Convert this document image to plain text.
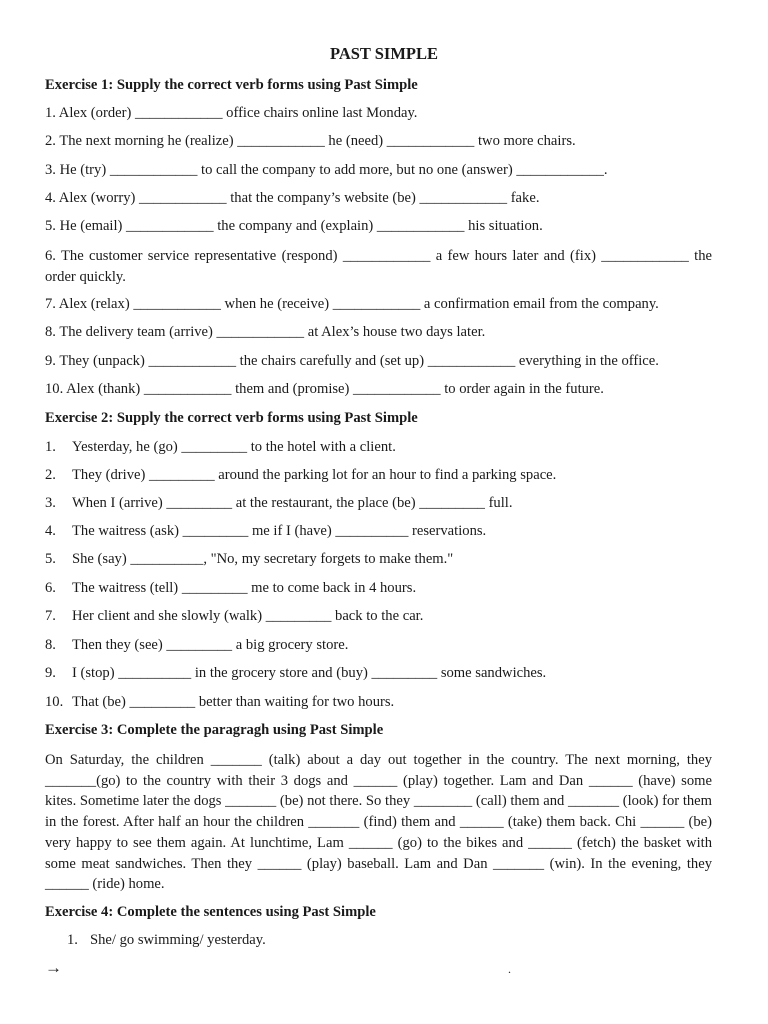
PAST SIMPLE
Exercise 1: Supply the correct verb forms using Past Simple
1. Alex (order) ____________ office chairs online last Monday.
2. The next morning he (realize) ____________ he (need) ____________ two more chairs.
3. He (try) ____________ to call the company to add more, but no one (answer) ____________.
4. Alex (worry) ____________ that the company’s website (be) ____________ fake.
5. He (email) ____________ the company and (explain) ____________ his situation.
6. The customer service representative (respond) ____________ a few hours later and (fix) ____________ the order quickly.
7. Alex (relax) ____________ when he (receive) ____________ a confirmation email from the company.
8. The delivery team (arrive) ____________ at Alex’s house two days later.
9. They (unpack) ____________ the chairs carefully and (set up) ____________ everything in the office.
10. Alex (thank) ____________ them and (promise) ____________ to order again in the future.
Exercise 2: Supply the correct verb forms using Past Simple
1. Yesterday, he (go) _________ to the hotel with a client.
2. They (drive) _________ around the parking lot for an hour to find a parking space.
3. When I (arrive) _________ at the restaurant, the place (be) _________ full.
4. The waitress (ask) _________ me if I (have) __________ reservations.
5. She (say) __________, "No, my secretary forgets to make them."
6. The waitress (tell) _________ me to come back in 4 hours.
7. Her client and she slowly (walk) _________ back to the car.
8. Then they (see) _________ a big grocery store.
9. I (stop) __________ in the grocery store and (buy) _________ some sandwiches.
10. That (be) _________ better than waiting for two hours.
Exercise 3: Complete the paragragh using Past Simple
On Saturday, the children _______ (talk) about a day out together in the country. The next morning, they _______(go) to the country with their 3 dogs and ______ (play) together. Lam and Dan ______ (have) some kites. Sometime later the dogs _______ (be) not there. So they ________ (call) them and _______ (look) for them in the forest. After half an hour the children _______ (find) them and ______ (take) them back. Chi ______ (be) very happy to see them again. At lunchtime, Lam ______ (go) to the bikes and ______ (fetch) the basket with some meat sandwiches. Then they ______ (play) baseball. Lam and Dan _______ (win). In the evening, they ______ (ride) home.
Exercise 4: Complete the sentences using Past Simple
1. She/ go swimming/ yesterday.
→	.
